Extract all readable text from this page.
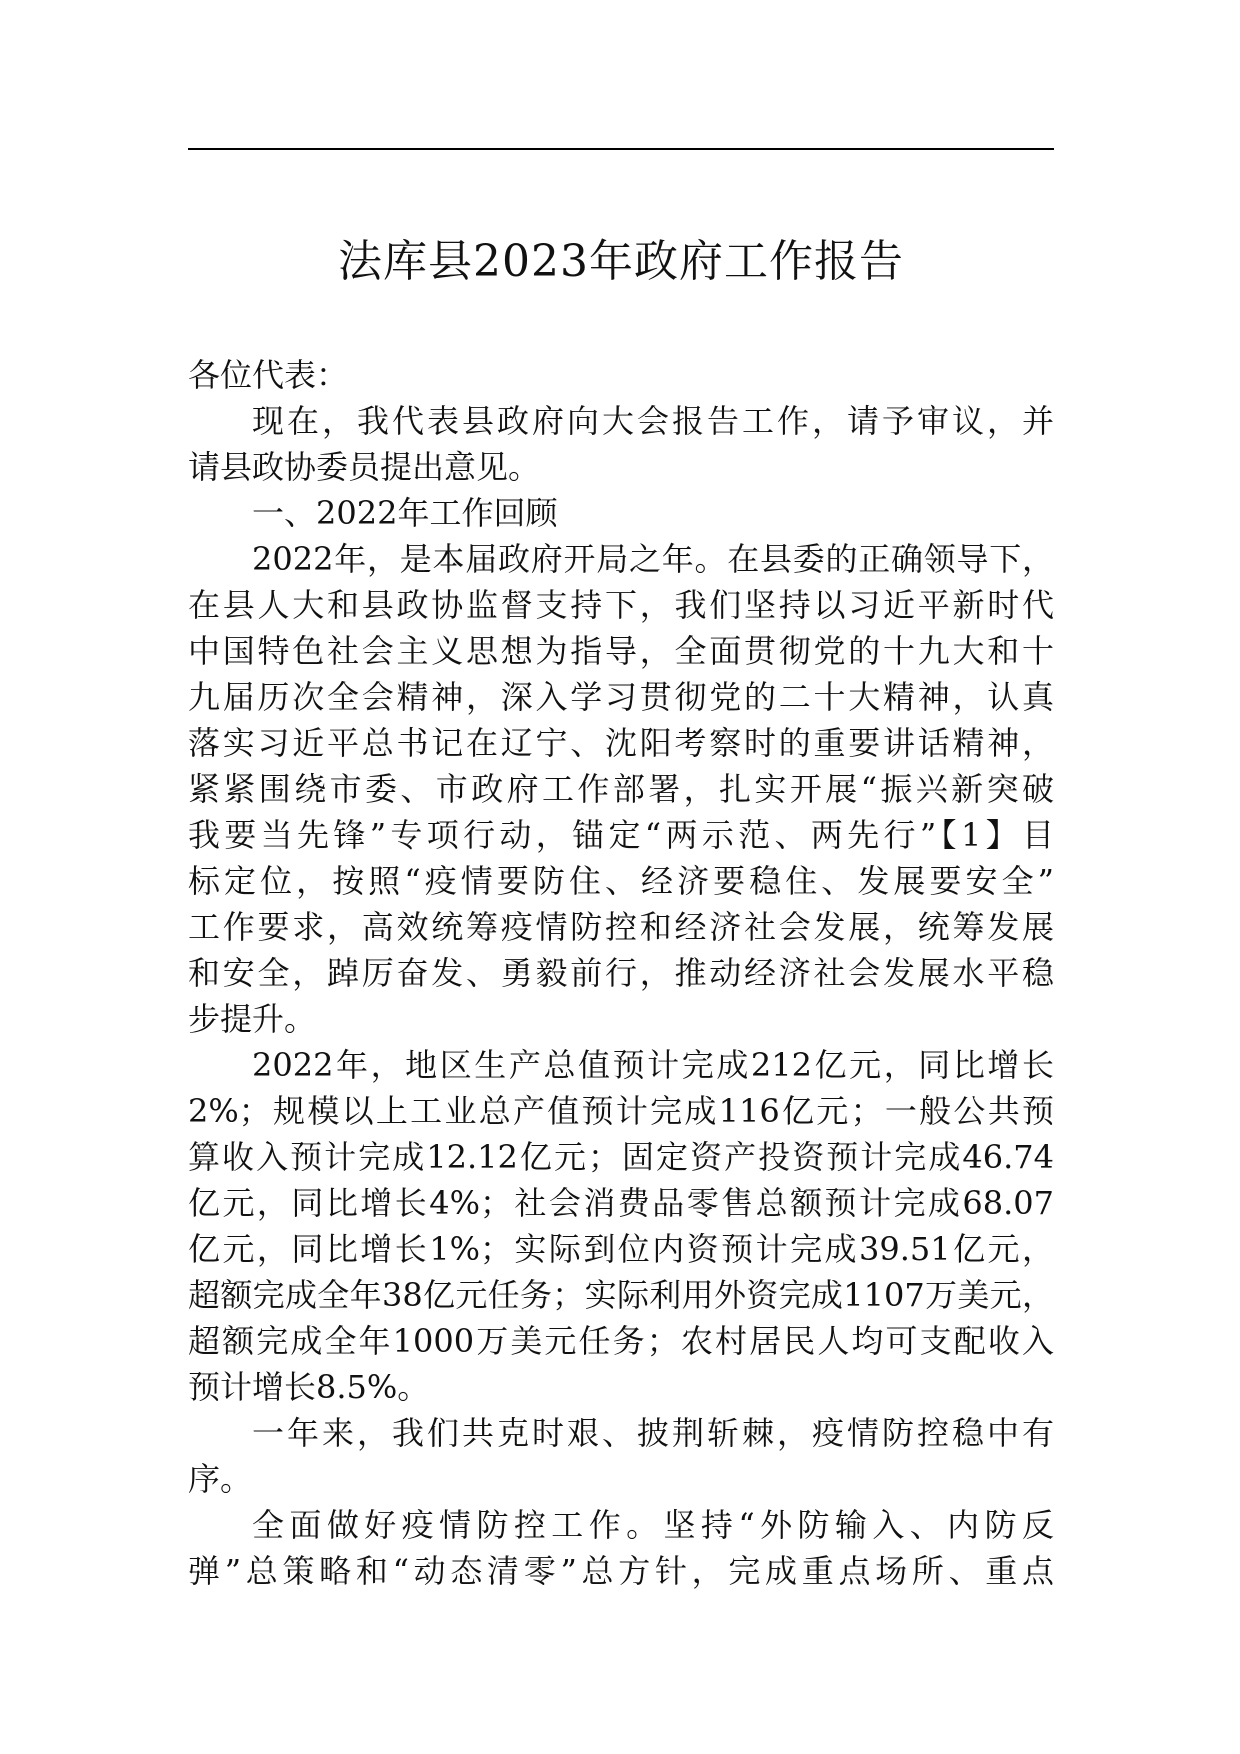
法库县2023年政府工作报告
各位代表：
现在，我代表县政府向大会报告工作，请予审议，并
请县政协委员提出意见。
一、2022年工作回顾
2022年，是本届政府开局之年。在县委的正确领导下，
在县人大和县政协监督支持下，我们坚持以习近平新时代
中国特色社会主义思想为指导，全面贯彻党的十九大和十
九届历次全会精神，深入学习贯彻党的二十大精神，认真
落实习近平总书记在辽宁、沈阳考察时的重要讲话精神，
紧紧围绕市委、市政府工作部署，扎实开展“振兴新突破
我要当先锋”专项行动，锚定“两示范、两先行”【1】目
标定位，按照“疫情要防住、经济要稳住、发展要安全”
工作要求，高效统筹疫情防控和经济社会发展，统筹发展
和安全，踔厉奋发、勇毅前行，推动经济社会发展水平稳
步提升。
2022年，地区生产总值预计完成212亿元，同比增长
2%；规模以上工业总产值预计完成116亿元；一般公共预
算收入预计完成12.12亿元；固定资产投资预计完成46.74
亿元，同比增长4%；社会消费品零售总额预计完成68.07
亿元，同比增长1%；实际到位内资预计完成39.51亿元，
超额完成全年38亿元任务；实际利用外资完成1107万美元，
超额完成全年1000万美元任务；农村居民人均可支配收入
预计增长8.5%。
一年来，我们共克时艰、披荆斩棘，疫情防控稳中有
序。
全面做好疫情防控工作。坚持“外防输入、内防反
弹”总策略和“动态清零”总方针，完成重点场所、重点
